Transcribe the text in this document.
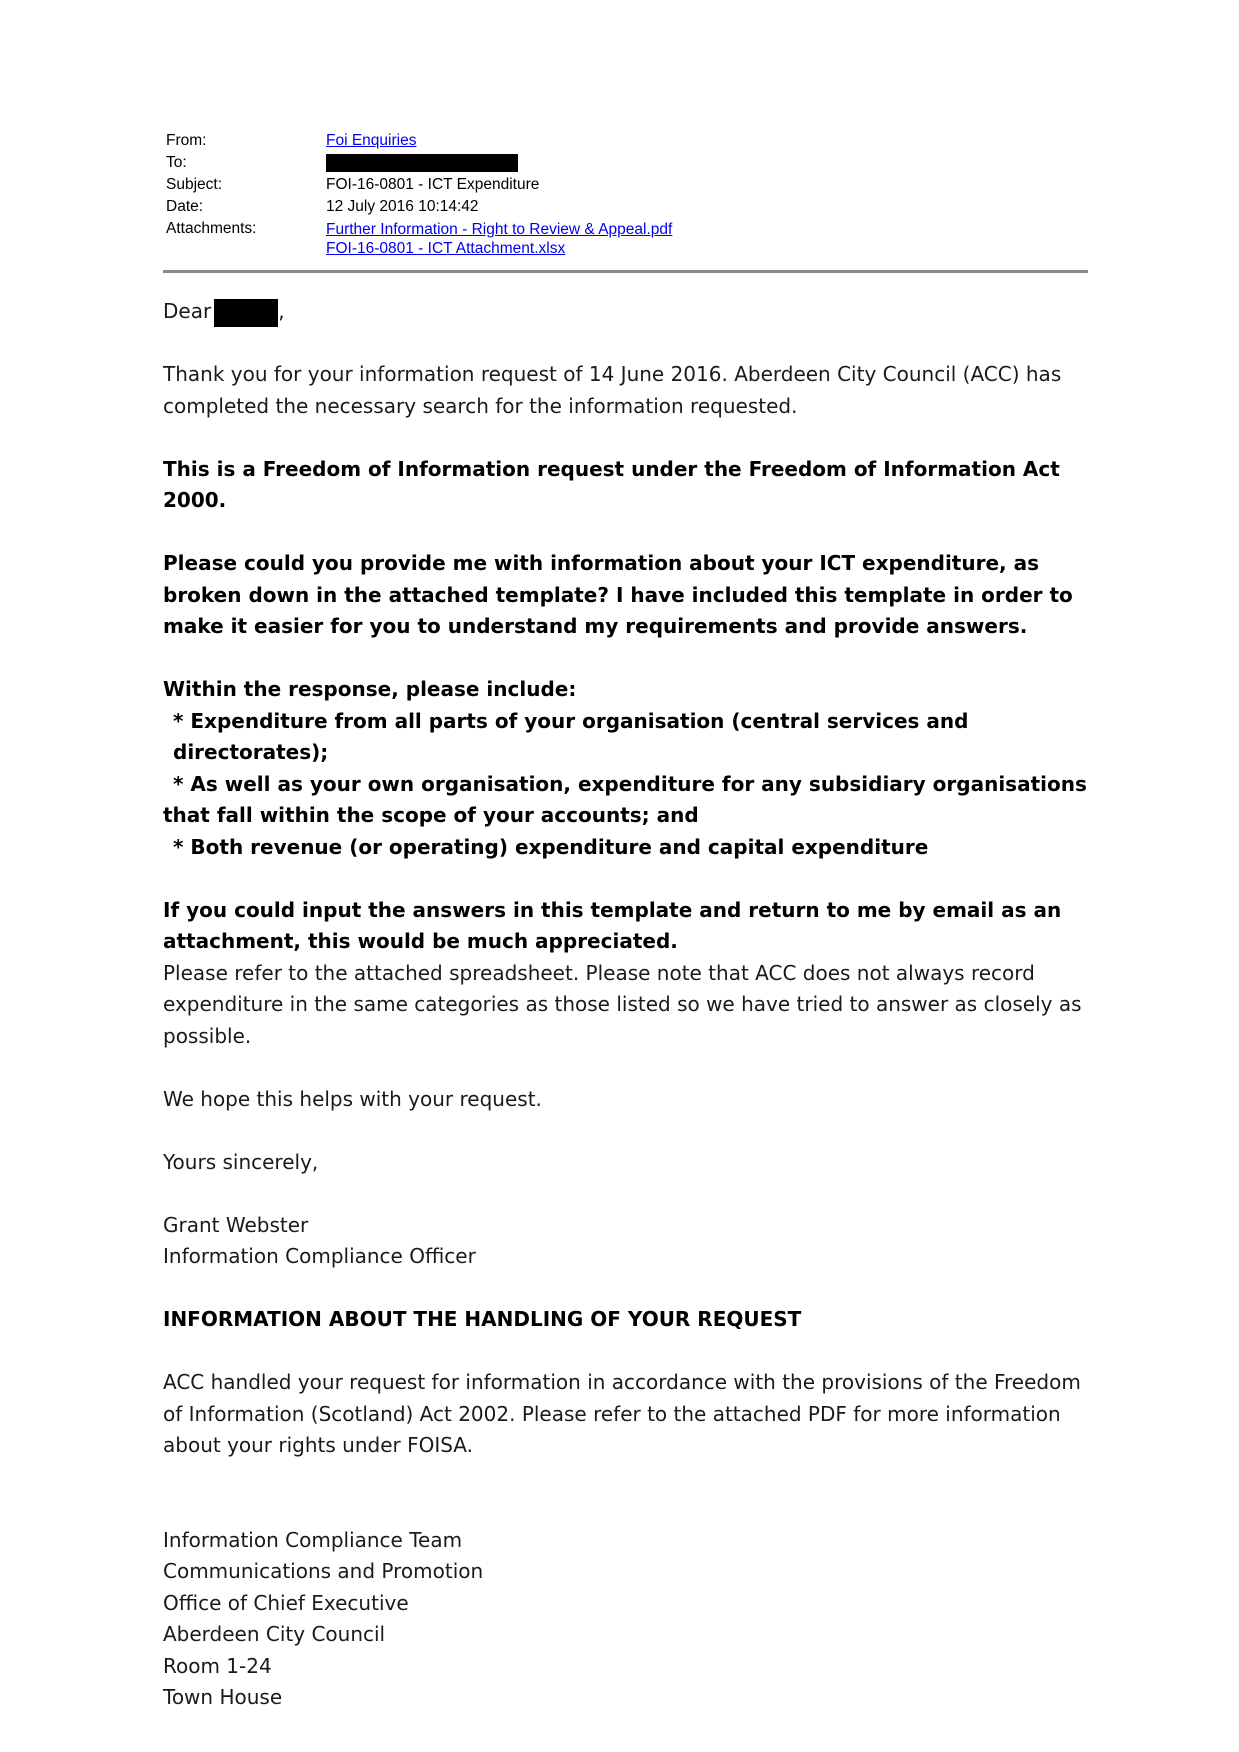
From:	Foi Enquiries
To:
Subject:	FOI-16-0801 - ICT Expenditure
Date:	12 July 2016 10:14:42
Attachments:	Further Information - Right to Review & Appeal.pdf
FOI-16-0801 - ICT Attachment.xlsx

Dear	,

Thank you for your information request of 14 June 2016. Aberdeen City Council (ACC) has completed the necessary search for the information requested.

This is a Freedom of Information request under the Freedom of Information Act 2000.

Please could you provide me with information about your ICT expenditure, as broken down in the attached template? I have included this template in order to make it easier for you to understand my requirements and provide answers.

Within the response, please include:

* Expenditure from all parts of your organisation (central services and directorates);

* As well as your own organisation, expenditure for any subsidiary organisations that fall within the scope of your accounts; and

* Both revenue (or operating) expenditure and capital expenditure

If you could input the answers in this template and return to me by email as an attachment, this would be much appreciated.

Please refer to the attached spreadsheet. Please note that ACC does not always record expenditure in the same categories as those listed so we have tried to answer as closely as possible.

We hope this helps with your request.

Yours sincerely,

Grant Webster

Information Compliance Officer

INFORMATION ABOUT THE HANDLING OF YOUR REQUEST

ACC handled your request for information in accordance with the provisions of the Freedom of Information (Scotland) Act 2002. Please refer to the attached PDF for more information about your rights under FOISA.

Information Compliance Team

Communications and Promotion

Office of Chief Executive

Aberdeen City Council

Room 1-24

Town House
